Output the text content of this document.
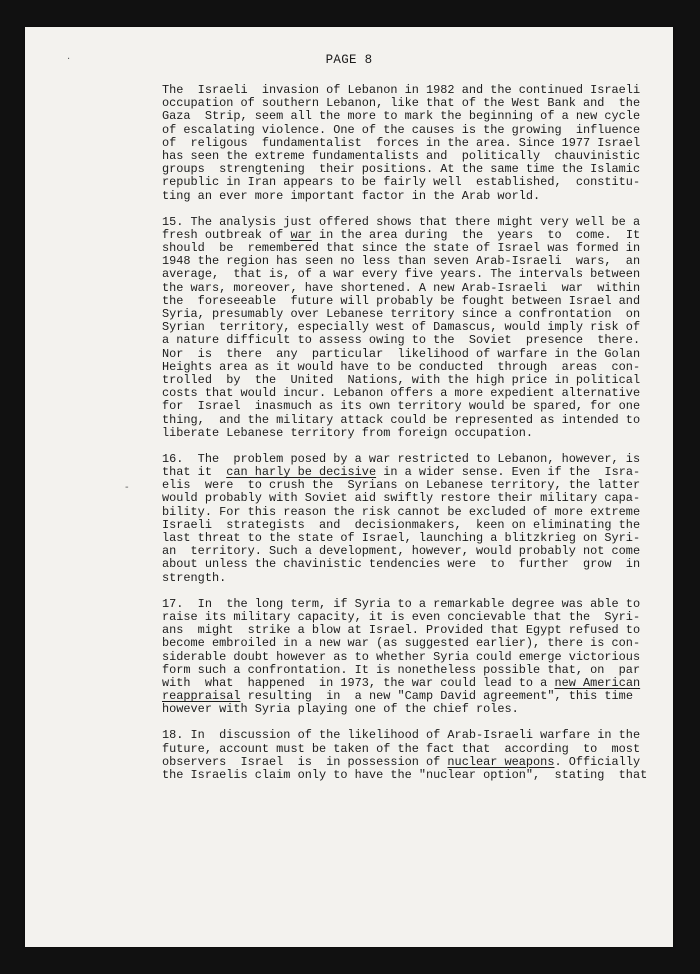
PAGE 8
The  Israeli  invasion of Lebanon in 1982 and the continued Israeli
occupation of southern Lebanon, like that of the West Bank and  the
Gaza  Strip, seem all the more to mark the beginning of a new cycle
of escalating violence. One of the causes is the growing  influence
of  religous  fundamentalist  forces in the area. Since 1977 Israel
has seen the extreme fundamentalists and  politically  chauvinistic
groups  strengtening  their positions. At the same time the Islamic
republic in Iran appears to be fairly well  established,  constitu-
ting an ever more important factor in the Arab world.
15. The analysis just offered shows that there might very well be a
fresh outbreak of war in the area during  the  years  to  come.  It
should  be  remembered that since the state of Israel was formed in
1948 the region has seen no less than seven Arab-Israeli  wars,  an
average,  that is, of a war every five years. The intervals between
the wars, moreover, have shortened. A new Arab-Israeli  war  within
the  foreseeable  future will probably be fought between Israel and
Syria, presumably over Lebanese territory since a confrontation  on
Syrian  territory, especially west of Damascus, would imply risk of
a nature difficult to assess owing to the  Soviet  presence  there.
Nor  is  there  any  particular  likelihood of warfare in the Golan
Heights area as it would have to be conducted  through  areas  con-
trolled  by  the  United  Nations, with the high price in political
costs that would incur. Lebanon offers a more expedient alternative
for  Israel  inasmuch as its own territory would be spared, for one
thing,  and the military attack could be represented as intended to
liberate Lebanese territory from foreign occupation.
16.  The  problem posed by a war restricted to Lebanon, however, is
that it  can harly be decisive in a wider sense. Even if the  Isra-
elis  were  to crush the  Syrians on Lebanese territory, the latter
would probably with Soviet aid swiftly restore their military capa-
bility. For this reason the risk cannot be excluded of more extreme
Israeli  strategists  and  decisionmakers,  keen on eliminating the
last threat to the state of Israel, launching a blitzkrieg on Syri-
an  territory. Such a development, however, would probably not come
about unless the chavinistic tendencies were  to  further  grow  in
strength.
17.  In  the long term, if Syria to a remarkable degree was able to
raise its military capacity, it is even concievable that the  Syri-
ans  might  strike a blow at Israel. Provided that Egypt refused to
become embroiled in a new war (as suggested earlier), there is con-
siderable doubt however as to whether Syria could emerge victorious
form such a confrontation. It is nonetheless possible that, on  par
with  what  happened  in 1973, the war could lead to a new American
reappraisal resulting  in  a new "Camp David agreement", this time
however with Syria playing one of the chief roles.
18. In  discussion of the likelihood of Arab-Israeli warfare in the
future, account must be taken of the fact that  according  to  most
observers  Israel  is  in possession of nuclear weapons. Officially
the Israelis claim only to have the "nuclear option",  stating  that
·
-
